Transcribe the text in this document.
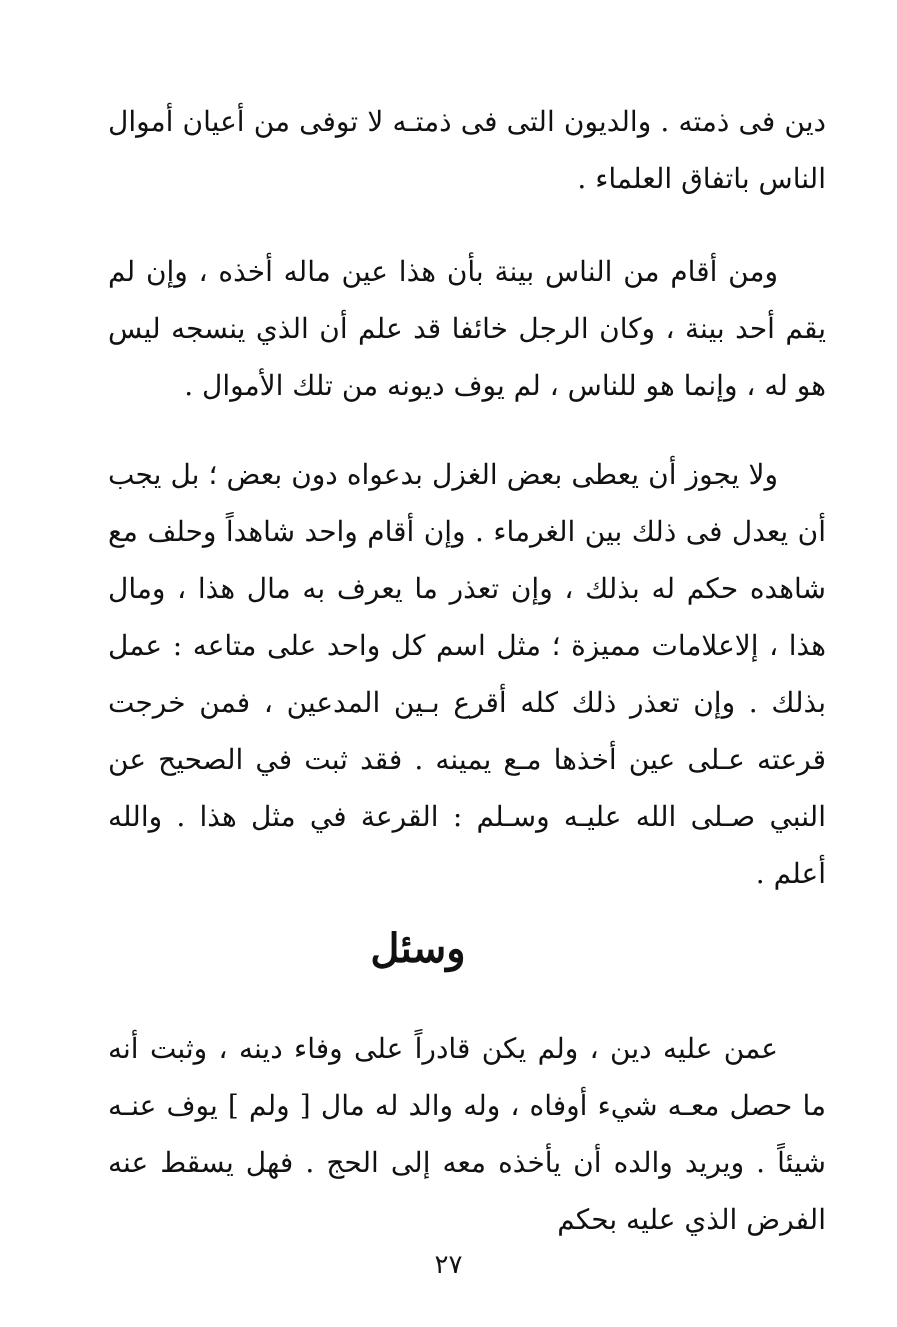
دين فى ذمته . والديون التى فى ذمتـه لا توفى من أعيان أموال الناس باتفاق العلماء .

ومن أقام من الناس بينة بأن هذا عين ماله أخذه ، وإن لم يقم أحد بينة ، وكان الرجل خائفا قد علم أن الذي ينسجه ليس هو له ، وإنما هو للناس ، لم يوف ديونه من تلك الأموال .

ولا يجوز أن يعطى بعض الغزل بدعواه دون بعض ؛ بل يجب أن يعدل فى ذلك بين الغرماء . وإن أقام واحد شاهداً وحلف مع شاهده حكم له بذلك ، وإن تعذر ما يعرف به مال هذا ، ومال هذا ، إلاعلامات مميزة ؛ مثل اسم كل واحد على متاعه : عمل بذلك . وإن تعذر ذلك كله أقرع بـين المدعين ، فمن خرجت قرعته عـلى عين أخذها مـع يمينه . فقد ثبت في الصحيح عن النبي صـلى الله عليـه وسـلم : القرعة في مثل هذا . والله أعلم .

وسئل

عمن عليه دين ، ولم يكن قادراً على وفاء دينه ، وثبت أنه ما حصل معـه شيء أوفاه ، وله والد له مال [ ولم ] يوف عنـه شيئاً . ويريد والده أن يأخذه معه إلى الحج . فهل يسقط عنه الفرض الذي عليه بحكم

٢٧
